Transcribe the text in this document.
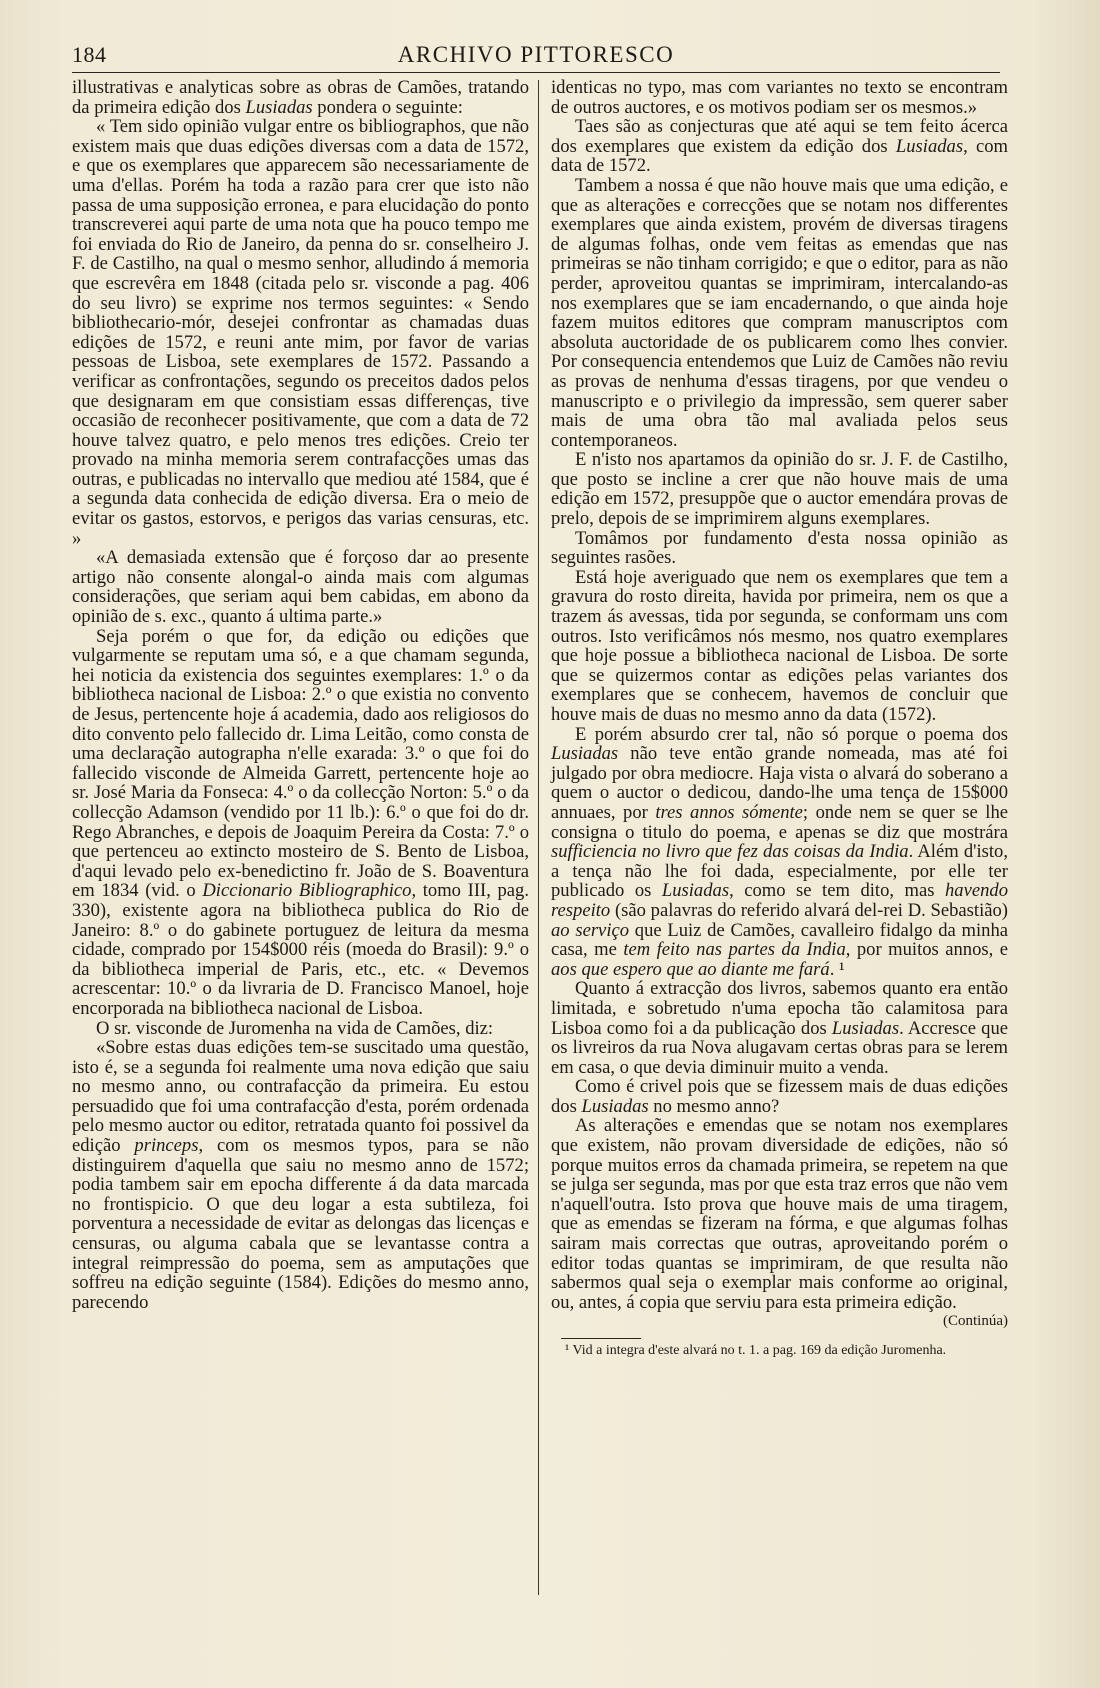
184	ARCHIVO PITTORESCO

illustrativas e analyticas sobre as obras de Camões, tratando da primeira edição dos Lusiadas pondera o seguinte:

« Tem sido opinião vulgar entre os bibliographos, que não existem mais que duas edições diversas com a data de 1572, e que os exemplares que apparecem são necessariamente de uma d'ellas. Porém ha toda a razão para crer que isto não passa de uma supposição erronea, e para elucidação do ponto transcreverei aqui parte de uma nota que ha pouco tempo me foi enviada do Rio de Janeiro, da penna do sr. conselheiro J. F. de Castilho, na qual o mesmo senhor, alludindo á memoria que escrevêra em 1848 (citada pelo sr. visconde a pag. 406 do seu livro) se exprime nos termos seguintes: « Sendo bibliothecario-mór, desejei confrontar as chamadas duas edições de 1572, e reuni ante mim, por favor de varias pessoas de Lisboa, sete exemplares de 1572. Passando a verificar as confrontações, segundo os preceitos dados pelos que designaram em que consistiam essas differenças, tive occasião de reconhecer positivamente, que com a data de 72 houve talvez quatro, e pelo menos tres edições. Creio ter provado na minha memoria serem contrafacções umas das outras, e publicadas no intervallo que mediou até 1584, que é a segunda data conhecida de edição diversa. Era o meio de evitar os gastos, estorvos, e perigos das varias censuras, etc. »

«A demasiada extensão que é forçoso dar ao presente artigo não consente alongal-o ainda mais com algumas considerações, que seriam aqui bem cabidas, em abono da opinião de s. exc., quanto á ultima parte.»

Seja porém o que for, da edição ou edições que vulgarmente se reputam uma só, e a que chamam segunda, hei noticia da existencia dos seguintes exemplares: 1.º o da bibliotheca nacional de Lisboa: 2.º o que existia no convento de Jesus, pertencente hoje á academia, dado aos religiosos do dito convento pelo fallecido dr. Lima Leitão, como consta de uma declaração autographa n'elle exarada: 3.º o que foi do fallecido visconde de Almeida Garrett, pertencente hoje ao sr. José Maria da Fonseca: 4.º o da collecção Norton: 5.º o da collecção Adamson (vendido por 11 lb.): 6.º o que foi do dr. Rego Abranches, e depois de Joaquim Pereira da Costa: 7.º o que pertenceu ao extincto mosteiro de S. Bento de Lisboa, d'aqui levado pelo ex-benedictino fr. João de S. Boaventura em 1834 (vid. o Diccionario Bibliographico, tomo III, pag. 330), existente agora na bibliotheca publica do Rio de Janeiro: 8.º o do gabinete portuguez de leitura da mesma cidade, comprado por 154$000 réis (moeda do Brasil): 9.º o da bibliotheca imperial de Paris, etc., etc. « Devemos acrescentar: 10.º o da livraria de D. Francisco Manoel, hoje encorporada na bibliotheca nacional de Lisboa.

O sr. visconde de Juromenha na vida de Camões, diz:

«Sobre estas duas edições tem-se suscitado uma questão, isto é, se a segunda foi realmente uma nova edição que saiu no mesmo anno, ou contrafacção da primeira. Eu estou persuadido que foi uma contrafacção d'esta, porém ordenada pelo mesmo auctor ou editor, retratada quanto foi possivel da edição princeps, com os mesmos typos, para se não distinguirem d'aquella que saiu no mesmo anno de 1572; podia tambem sair em epocha differente á da data marcada no frontispicio. O que deu logar a esta subtileza, foi porventura a necessidade de evitar as delongas das licenças e censuras, ou alguma cabala que se levantasse contra a integral reimpressão do poema, sem as amputações que soffreu na edição seguinte (1584). Edições do mesmo anno, parecendo

identicas no typo, mas com variantes no texto se encontram de outros auctores, e os motivos podiam ser os mesmos.»

Taes são as conjecturas que até aqui se tem feito ácerca dos exemplares que existem da edição dos Lusiadas, com data de 1572.

Tambem a nossa é que não houve mais que uma edição, e que as alterações e correcções que se notam nos differentes exemplares que ainda existem, provém de diversas tiragens de algumas folhas, onde vem feitas as emendas que nas primeiras se não tinham corrigido; e que o editor, para as não perder, aproveitou quantas se imprimiram, intercalando-as nos exemplares que se iam encadernando, o que ainda hoje fazem muitos editores que compram manuscriptos com absoluta auctoridade de os publicarem como lhes convier. Por consequencia entendemos que Luiz de Camões não reviu as provas de nenhuma d'essas tiragens, por que vendeu o manuscripto e o privilegio da impressão, sem querer saber mais de uma obra tão mal avaliada pelos seus contemporaneos.

E n'isto nos apartamos da opinião do sr. J. F. de Castilho, que posto se incline a crer que não houve mais de uma edição em 1572, presuppõe que o auctor emendára provas de prelo, depois de se imprimirem alguns exemplares.

Tomâmos por fundamento d'esta nossa opinião as seguintes rasões.

Está hoje averiguado que nem os exemplares que tem a gravura do rosto direita, havida por primeira, nem os que a trazem ás avessas, tida por segunda, se conformam uns com outros. Isto verificâmos nós mesmo, nos quatro exemplares que hoje possue a bibliotheca nacional de Lisboa. De sorte que se quizermos contar as edições pelas variantes dos exemplares que se conhecem, havemos de concluir que houve mais de duas no mesmo anno da data (1572).

E porém absurdo crer tal, não só porque o poema dos Lusiadas não teve então grande nomeada, mas até foi julgado por obra mediocre. Haja vista o alvará do soberano a quem o auctor o dedicou, dando-lhe uma tença de 15$000 annuaes, por tres annos sómente; onde nem se quer se lhe consigna o titulo do poema, e apenas se diz que mostrára sufficiencia no livro que fez das coisas da India. Além d'isto, a tença não lhe foi dada, especialmente, por elle ter publicado os Lusiadas, como se tem dito, mas havendo respeito (são palavras do referido alvará del-rei D. Sebastião) ao serviço que Luiz de Camões, cavalleiro fidalgo da minha casa, me tem feito nas partes da India, por muitos annos, e aos que espero que ao diante me fará. ¹

Quanto á extracção dos livros, sabemos quanto era então limitada, e sobretudo n'uma epocha tão calamitosa para Lisboa como foi a da publicação dos Lusiadas. Accresce que os livreiros da rua Nova alugavam certas obras para se lerem em casa, o que devia diminuir muito a venda.

Como é crivel pois que se fizessem mais de duas edições dos Lusiadas no mesmo anno?

As alterações e emendas que se notam nos exemplares que existem, não provam diversidade de edições, não só porque muitos erros da chamada primeira, se repetem na que se julga ser segunda, mas por que esta traz erros que não vem n'aquell'outra. Isto prova que houve mais de uma tiragem, que as emendas se fizeram na fórma, e que algumas folhas sairam mais correctas que outras, aproveitando porém o editor todas quantas se imprimiram, de que resulta não sabermos qual seja o exemplar mais conforme ao original, ou, antes, á copia que serviu para esta primeira edição.

(Continúa)

¹ Vid a integra d'este alvará no t. 1. a pag. 169 da edição Juromenha.
